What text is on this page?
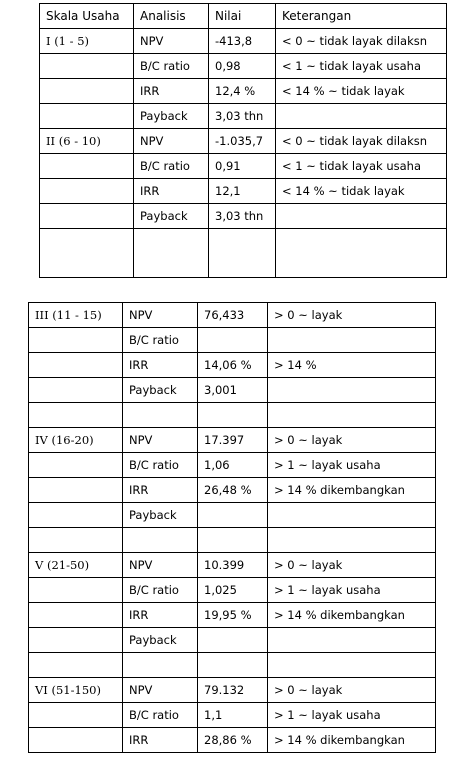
Skala Usaha	Analisis	Nilai	Keterangan
I (1 - 5)	NPV	-413,8	< 0 ~ tidak layak dilaksn
	B/C ratio	0,98	< 1 ~ tidak layak usaha
	IRR	12,4 %	< 14 % ~ tidak layak
	Payback	3,03 thn	
II (6 - 10)	NPV	-1.035,7	< 0 ~ tidak layak dilaksn
	B/C ratio	0,91	< 1 ~ tidak layak usaha
	IRR	12,1	< 14 % ~ tidak layak
	Payback	3,03 thn	

III (11 - 15)	NPV	76,433	> 0 ~ layak
	B/C ratio		
	IRR	14,06 %	> 14 %
	Payback	3,001	

IV (16-20)	NPV	17.397	> 0 ~ layak
	B/C ratio	1,06	> 1 ~ layak usaha
	IRR	26,48 %	> 14 % dikembangkan
	Payback		

V (21-50)	NPV	10.399	> 0 ~ layak
	B/C ratio	1,025	> 1 ~ layak usaha
	IRR	19,95 %	> 14 % dikembangkan
	Payback		

VI (51-150)	NPV	79.132	> 0 ~ layak
	B/C ratio	1,1	> 1 ~ layak usaha
	IRR	28,86 %	> 14 % dikembangkan
